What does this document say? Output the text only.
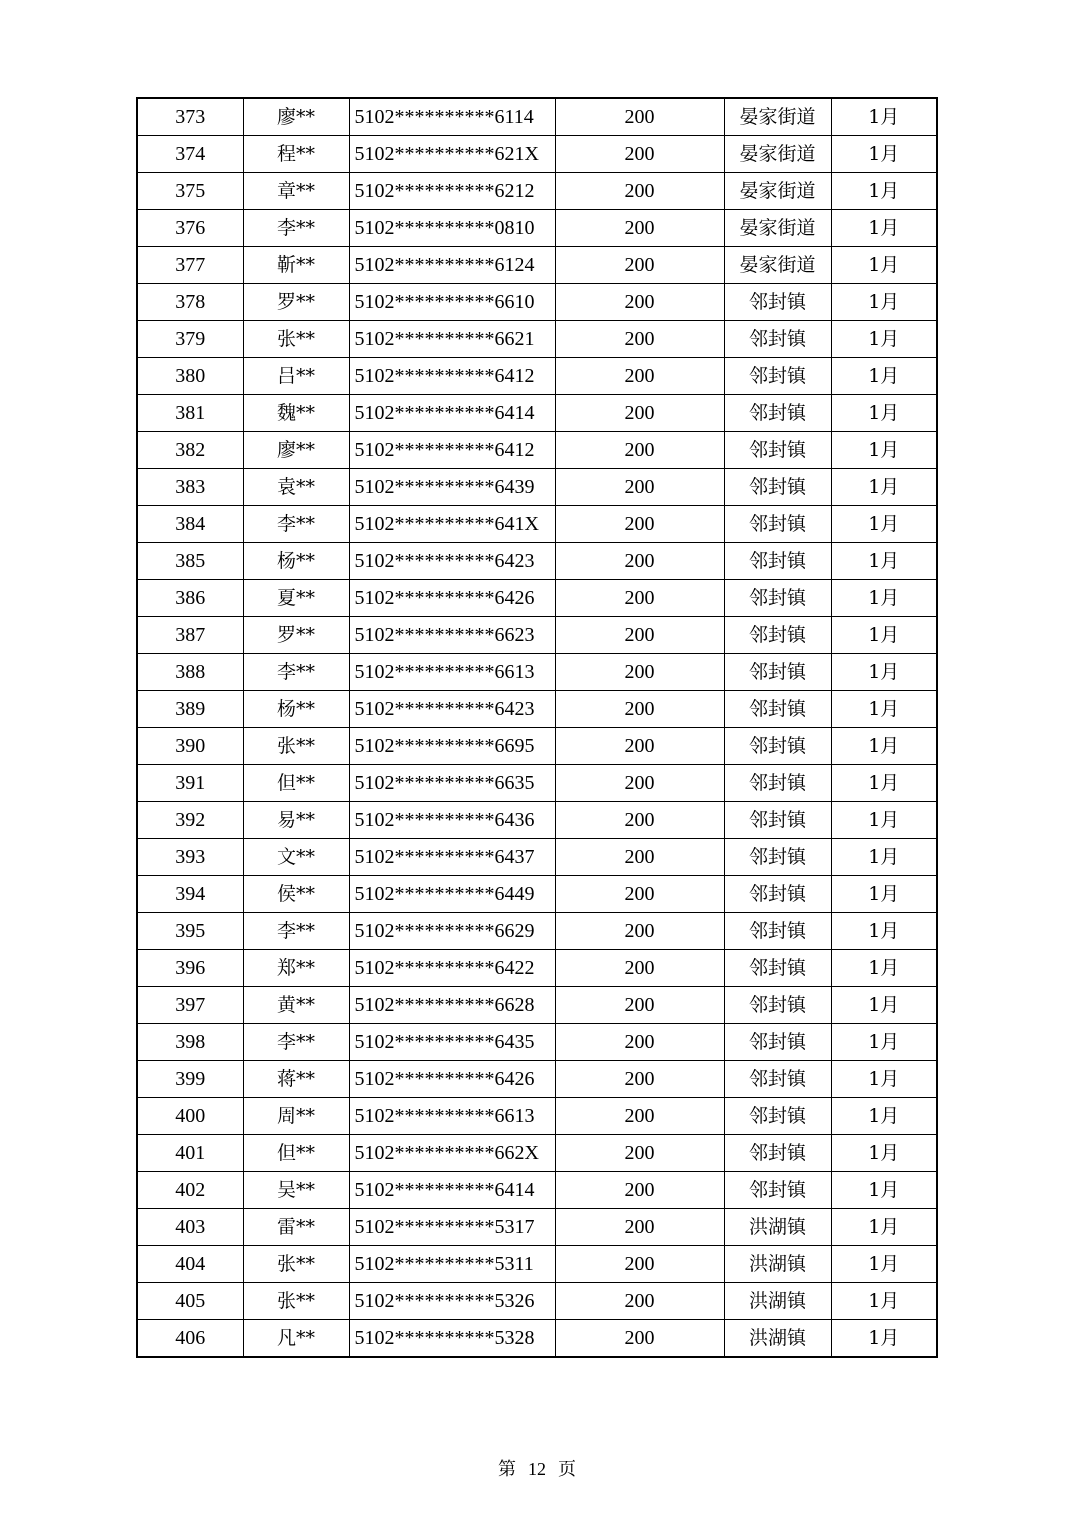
373	廖**	5102**********6114	200	晏家街道	1月
374	程**	5102**********621X	200	晏家街道	1月
375	章**	5102**********6212	200	晏家街道	1月
376	李**	5102**********0810	200	晏家街道	1月
377	靳**	5102**********6124	200	晏家街道	1月
378	罗**	5102**********6610	200	邻封镇	1月
379	张**	5102**********6621	200	邻封镇	1月
380	吕**	5102**********6412	200	邻封镇	1月
381	魏**	5102**********6414	200	邻封镇	1月
382	廖**	5102**********6412	200	邻封镇	1月
383	袁**	5102**********6439	200	邻封镇	1月
384	李**	5102**********641X	200	邻封镇	1月
385	杨**	5102**********6423	200	邻封镇	1月
386	夏**	5102**********6426	200	邻封镇	1月
387	罗**	5102**********6623	200	邻封镇	1月
388	李**	5102**********6613	200	邻封镇	1月
389	杨**	5102**********6423	200	邻封镇	1月
390	张**	5102**********6695	200	邻封镇	1月
391	但**	5102**********6635	200	邻封镇	1月
392	易**	5102**********6436	200	邻封镇	1月
393	文**	5102**********6437	200	邻封镇	1月
394	侯**	5102**********6449	200	邻封镇	1月
395	李**	5102**********6629	200	邻封镇	1月
396	郑**	5102**********6422	200	邻封镇	1月
397	黄**	5102**********6628	200	邻封镇	1月
398	李**	5102**********6435	200	邻封镇	1月
399	蒋**	5102**********6426	200	邻封镇	1月
400	周**	5102**********6613	200	邻封镇	1月
401	但**	5102**********662X	200	邻封镇	1月
402	吴**	5102**********6414	200	邻封镇	1月
403	雷**	5102**********5317	200	洪湖镇	1月
404	张**	5102**********5311	200	洪湖镇	1月
405	张**	5102**********5326	200	洪湖镇	1月
406	凡**	5102**********5328	200	洪湖镇	1月
第 12 页
